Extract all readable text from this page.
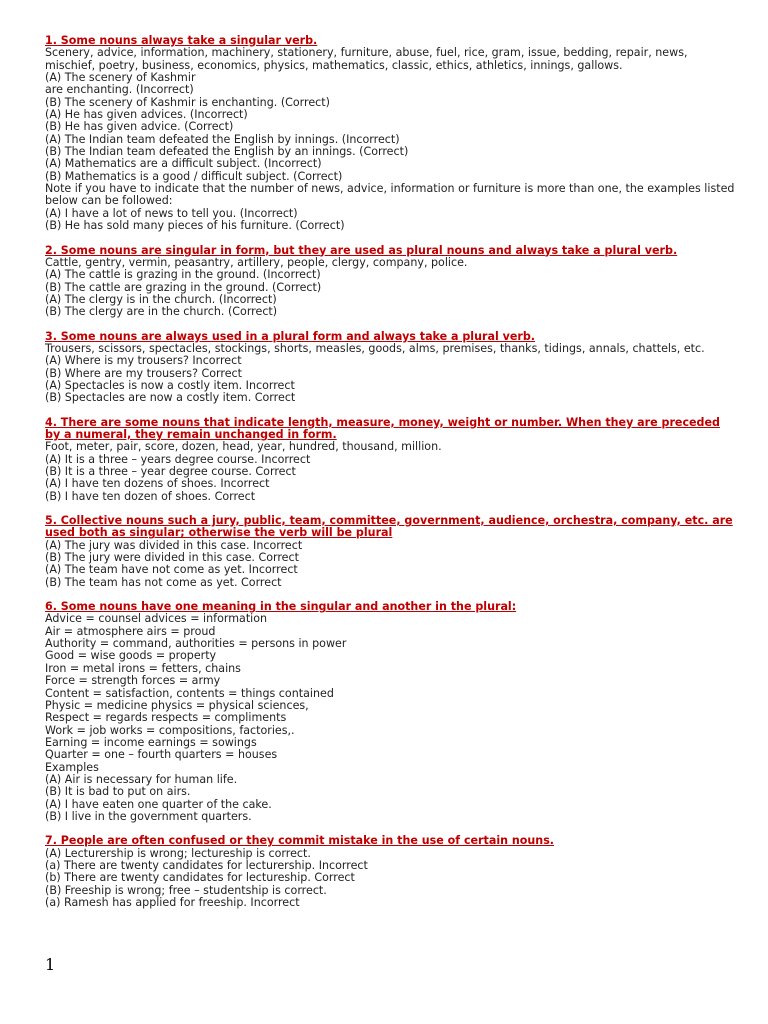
1. Some nouns always take a singular verb.
Scenery, advice, information, machinery, stationery, furniture, abuse, fuel, rice, gram, issue, bedding, repair, news, mischief, poetry, business, economics, physics, mathematics, classic, ethics, athletics, innings, gallows.
(A) The scenery of Kashmir
are enchanting. (Incorrect)
(B) The scenery of Kashmir is enchanting. (Correct)
(A) He has given advices. (Incorrect)
(B) He has given advice. (Correct)
(A) The Indian team defeated the English by innings. (Incorrect)
(B) The Indian team defeated the English by an innings. (Correct)
(A) Mathematics are a difficult subject. (Incorrect)
(B) Mathematics is a good / difficult subject. (Correct)
Note if you have to indicate that the number of news, advice, information or furniture is more than one, the examples listed below can be followed:
(A) I have a lot of news to tell you. (Incorrect)
(B) He has sold many pieces of his furniture. (Correct)
2. Some nouns are singular in form, but they are used as plural nouns and always take a plural verb.
Cattle, gentry, vermin, peasantry, artillery, people, clergy, company, police.
(A) The cattle is grazing in the ground. (Incorrect)
(B) The cattle are grazing in the ground. (Correct)
(A) The clergy is in the church. (Incorrect)
(B) The clergy are in the church. (Correct)
3. Some nouns are always used in a plural form and always take a plural verb.
Trousers, scissors, spectacles, stockings, shorts, measles, goods, alms, premises, thanks, tidings, annals, chattels, etc.
(A) Where is my trousers? Incorrect
(B) Where are my trousers? Correct
(A) Spectacles is now a costly item. Incorrect
(B) Spectacles are now a costly item. Correct
4. There are some nouns that indicate length, measure, money, weight or number. When they are preceded by a numeral, they remain unchanged in form.
Foot, meter, pair, score, dozen, head, year, hundred, thousand, million.
(A) It is a three – years degree course. Incorrect
(B) It is a three – year degree course. Correct
(A) I have ten dozens of shoes. Incorrect
(B) I have ten dozen of shoes. Correct
5. Collective nouns such a jury, public, team, committee, government, audience, orchestra, company, etc. are used both as singular; otherwise the verb will be plural
(A) The jury was divided in this case. Incorrect
(B) The jury were divided in this case. Correct
(A) The team have not come as yet. Incorrect
(B) The team has not come as yet. Correct
6. Some nouns have one meaning in the singular and another in the plural:
Advice = counsel advices = information
Air = atmosphere airs = proud
Authority = command, authorities = persons in power
Good = wise goods = property
Iron = metal irons = fetters, chains
Force = strength forces = army
Content = satisfaction, contents = things contained
Physic = medicine physics = physical sciences,
Respect = regards respects = compliments
Work = job works = compositions, factories,.
Earning = income earnings = sowings
Quarter = one – fourth quarters = houses
Examples
(A) Air is necessary for human life.
(B) It is bad to put on airs.
(A) I have eaten one quarter of the cake.
(B) I live in the government quarters.
7. People are often confused or they commit mistake in the use of certain nouns.
(A) Lecturership is wrong; lectureship is correct.
(a) There are twenty candidates for lecturership. Incorrect
(b) There are twenty candidates for lectureship. Correct
(B) Freeship is wrong; free – studentship is correct.
(a) Ramesh has applied for freeship. Incorrect
1
